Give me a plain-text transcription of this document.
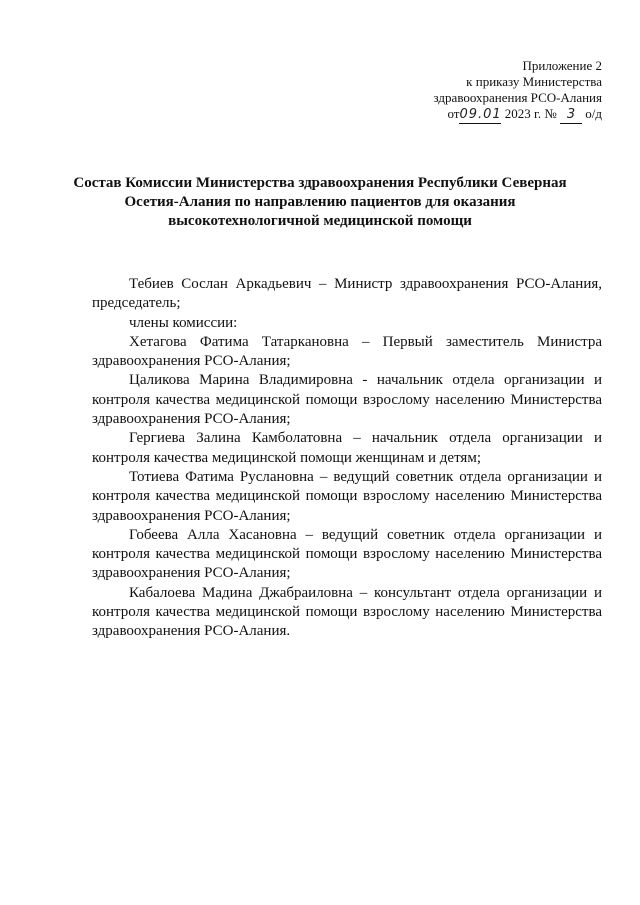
Приложение 2
к приказу Министерства
здравоохранения РСО-Алания
от09.01 2023 г. № 3 о/д
Состав Комиссии Министерства здравоохранения Республики Северная
Осетия-Алания по направлению пациентов для оказания
высокотехнологичной медицинской помощи

Тебиев Сослан Аркадьевич – Министр здравоохранения РСО-Алания, председатель;

члены комиссии:

Хетагова Фатима Татаркановна – Первый заместитель Министра здравоохранения РСО-Алания;

Цаликова Марина Владимировна - начальник отдела организации и контроля качества медицинской помощи взрослому населению Министерства здравоохранения РСО-Алания;

Гергиева Залина Камболатовна – начальник отдела организации и контроля качества медицинской помощи женщинам и детям;

Тотиева Фатима Руслановна – ведущий советник отдела организации и контроля качества медицинской помощи взрослому населению Министерства здравоохранения РСО-Алания;

Гобеева Алла Хасановна – ведущий советник отдела организации и контроля качества медицинской помощи взрослому населению Министерства здравоохранения РСО-Алания;

Кабалоева Мадина Джабраиловна – консультант отдела организации и контроля качества медицинской помощи взрослому населению Министерства здравоохранения РСО-Алания.
